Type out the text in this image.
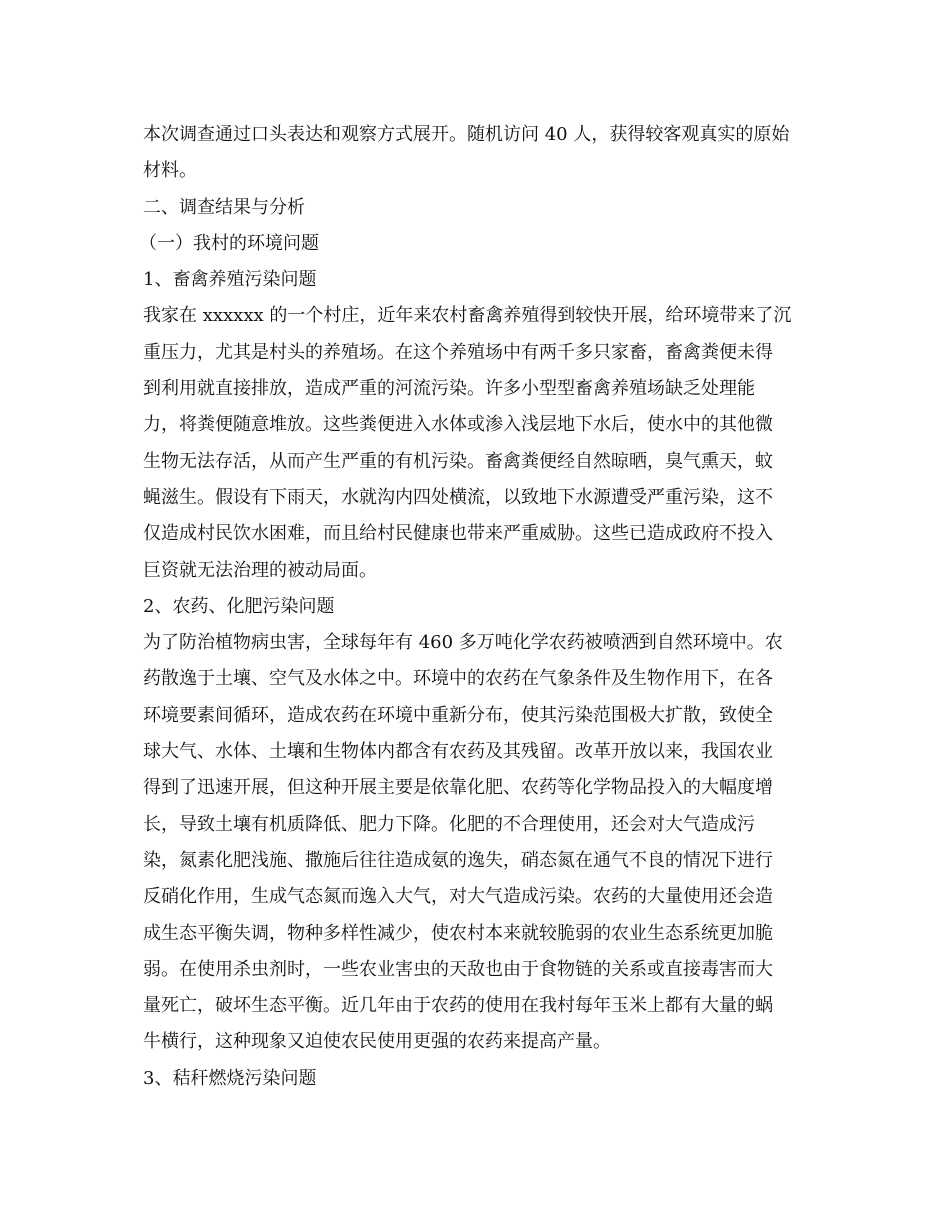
本次调查通过口头表达和观察方式展开。随机访问 40 人，获得较客观真实的原始
材料。
二、调查结果与分析
（一）我村的环境问题
1、畜禽养殖污染问题
我家在 xxxxxx 的一个村庄，近年来农村畜禽养殖得到较快开展，给环境带来了沉
重压力，尤其是村头的养殖场。在这个养殖场中有两千多只家畜，畜禽粪便未得
到利用就直接排放，造成严重的河流污染。许多小型型畜禽养殖场缺乏处理能
力，将粪便随意堆放。这些粪便进入水体或渗入浅层地下水后，使水中的其他微
生物无法存活，从而产生严重的有机污染。畜禽粪便经自然晾晒，臭气熏天，蚊
蝇滋生。假设有下雨天，水就沟内四处横流，以致地下水源遭受严重污染，这不
仅造成村民饮水困难，而且给村民健康也带来严重威胁。这些已造成政府不投入
巨资就无法治理的被动局面。
2、农药、化肥污染问题
为了防治植物病虫害，全球每年有 460 多万吨化学农药被喷洒到自然环境中。农
药散逸于土壤、空气及水体之中。环境中的农药在气象条件及生物作用下，在各
环境要素间循环，造成农药在环境中重新分布，使其污染范围极大扩散，致使全
球大气、水体、土壤和生物体内都含有农药及其残留。改革开放以来，我国农业
得到了迅速开展，但这种开展主要是依靠化肥、农药等化学物品投入的大幅度增
长，导致土壤有机质降低、肥力下降。化肥的不合理使用，还会对大气造成污
染，氮素化肥浅施、撒施后往往造成氨的逸失，硝态氮在通气不良的情况下进行
反硝化作用，生成气态氮而逸入大气，对大气造成污染。农药的大量使用还会造
成生态平衡失调，物种多样性减少，使农村本来就较脆弱的农业生态系统更加脆
弱。在使用杀虫剂时，一些农业害虫的天敌也由于食物链的关系或直接毒害而大
量死亡，破坏生态平衡。近几年由于农药的使用在我村每年玉米上都有大量的蜗
牛横行，这种现象又迫使农民使用更强的农药来提高产量。
3、秸秆燃烧污染问题
